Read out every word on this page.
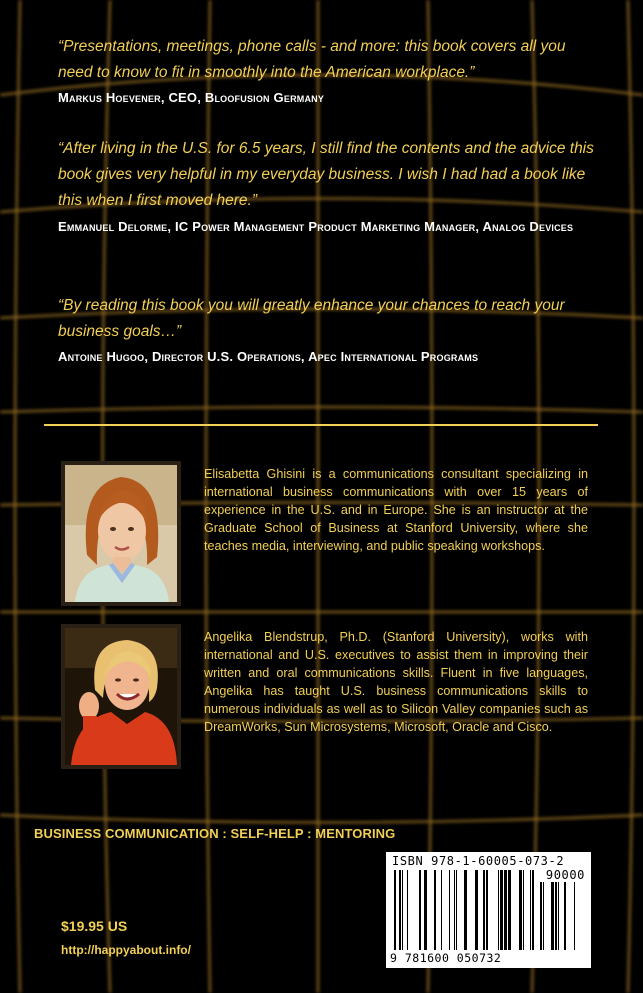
“Presentations, meetings, phone calls - and more: this book covers all you need to know to fit in smoothly into the American workplace.”
Markus Hoevener, CEO, Bloofusion Germany
“After living in the U.S. for 6.5 years, I still find the contents and the advice this book gives very helpful in my everyday business. I wish I had had a book like this when I first moved here.”
Emmanuel Delorme, IC Power Management Product Marketing Manager, Analog Devices
“By reading this book you will greatly enhance your chances to reach your business goals…”
Antoine Hugoo, Director U.S. Operations, Apec International Programs
Elisabetta Ghisini is a communications consultant specializing in international business communications with over 15 years of experience in the U.S. and in Europe. She is an instructor at the Graduate School of Business at Stanford University, where she teaches media, interviewing, and public speaking workshops.
Angelika Blendstrup, Ph.D. (Stanford University), works with international and U.S. executives to assist them in improving their written and oral communications skills. Fluent in five languages, Angelika has taught U.S. business communications skills to numerous individuals as well as to Silicon Valley companies such as DreamWorks, Sun Microsystems, Microsoft, Oracle and Cisco.
BUSINESS COMMUNICATION : SELF-HELP : MENTORING
ISBN 978-1-60005-073-2
90000
9 781600 050732
$19.95 US
http://happyabout.info/
